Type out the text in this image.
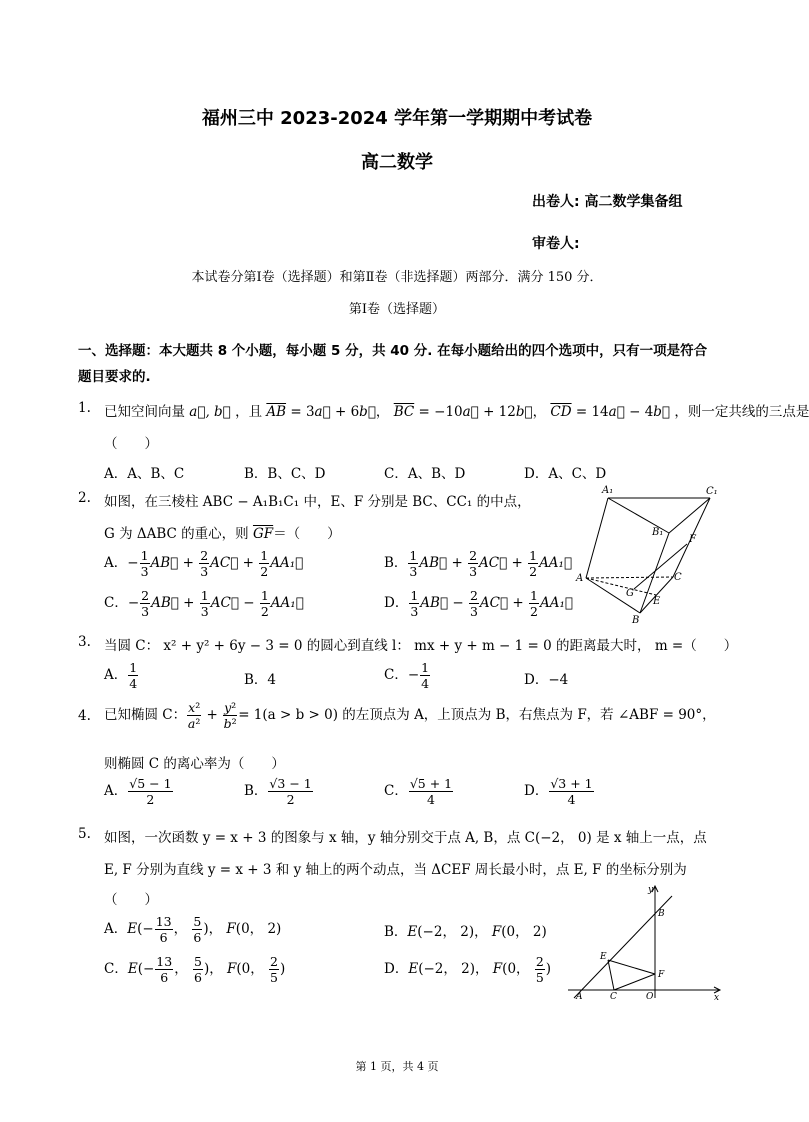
福州三中 2023-2024 学年第一学期期中考试卷
高二数学
出卷人: 高二数学集备组
审卷人:
本试卷分第Ⅰ卷（选择题）和第Ⅱ卷（非选择题）两部分．满分 150 分．
第Ⅰ卷（选择题）
一、选择题：本大题共 8 个小题，每小题 5 分，共 40 分. 在每小题给出的四个选项中，只有一项是符合题目要求的.
1. 已知空间向量 a⃗, b⃗ ，且 $\overline{AB}$ = 3a⃗ + 6b⃗， $\overline{BC}$ = −10a⃗ + 12b⃗， $\overline{CD}$ = 14a⃗ − 4b⃗ ，则一定共线的三点是
（　　）
A．A、B、C	B．B、C、D	C．A、B、D	D．A、C、D
2. 如图，在三棱柱 ABC − A₁B₁C₁ 中，E、F 分别是 BC、CC₁ 的中点，
G 为 ΔABC 的重心，则 $\overline{GF}=$（　　）
A．− $\frac{1}{3}$ AB⃗ + $\frac{2}{3}$ AC⃗ + $\frac{1}{2}$ AA₁⃗	B． $\frac{1}{3}$ AB⃗ + $\frac{2}{3}$ AC⃗ + $\frac{1}{2}$ AA₁⃗
C．− $\frac{2}{3}$ AB⃗ + $\frac{1}{3}$ AC⃗ − $\frac{1}{2}$ AA₁⃗	D． $\frac{1}{3}$ AB⃗ − $\frac{2}{3}$ AC⃗ + $\frac{1}{2}$ AA₁⃗
A₁	C₁
B₁
F
A	C
G
E
B
3. 当圆 C： x² + y² + 6y − 3 = 0 的圆心到直线 l： mx + y + m − 1 = 0 的距离最大时， m =（　　）
A． $\frac{1}{4}$	B．4	C．− $\frac{1}{4}$	D．−4
4. 已知椭圆 C： $\frac{\text{x²}}{\text{a²}} + \frac{\text{y²}}{\text{b²}} = 1(a > b > 0)$ 的左顶点为 A，上顶点为 B，右焦点为 F，若 ∠ABF = 90°，
则椭圆 C 的离心率为（　　）
A． $\frac{√5 - 1}{2}$	B． $\frac{√3 - 1}{2}$	C． $\frac{√5 + 1}{4}$	D． $\frac{√3 + 1}{4}$
5. 如图，一次函数 y = x + 3 的图象与 x 轴，y 轴分别交于点 A, B，点 C(−2， 0) 是 x 轴上一点，点
E, F 分别为直线 y = x + 3 和 y 轴上的两个动点，当 ΔCEF 周长最小时，点 E, F 的坐标分别为
（　　）
A．$E(- \frac{13}{6}$ ， $\frac{5}{6}$ )， F(0， 2)	B．E(−2， 2)， F(0， 2)
C．$E(- \frac{13}{6}$ ， $\frac{5}{6}$ )， F(0， $\frac{2}{5}$ )	D．E(−2， 2)， F(0， $\frac{2}{5}$ )
y
x
B
E
F
A	C	O
第 1 页，共 4 页
